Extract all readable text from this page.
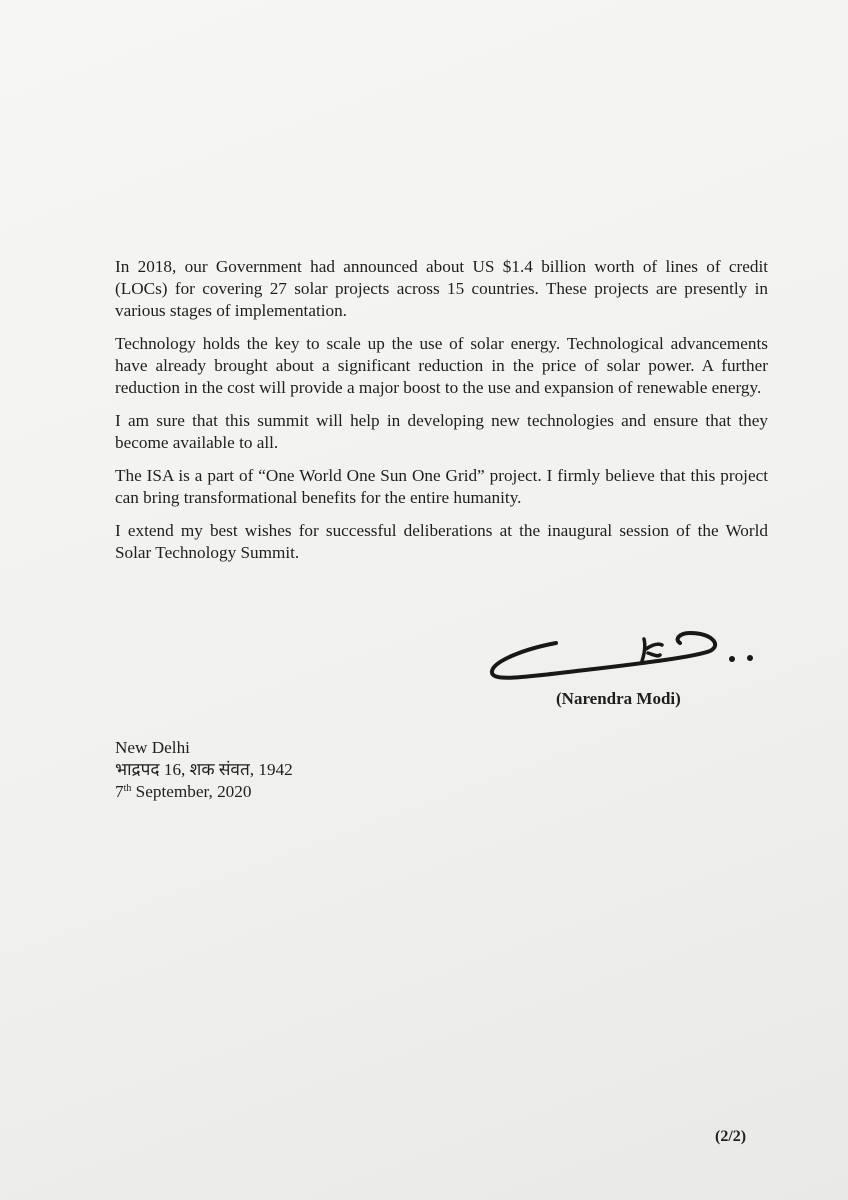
In 2018, our Government had announced about US $1.4 billion worth of lines of credit (LOCs) for covering 27 solar projects across 15 countries. These projects are presently in various stages of implementation.

Technology holds the key to scale up the use of solar energy. Technological advancements have already brought about a significant reduction in the price of solar power. A further reduction in the cost will provide a major boost to the use and expansion of renewable energy.

I am sure that this summit will help in developing new technologies and ensure that they become available to all.

The ISA is a part of “One World One Sun One Grid” project. I firmly believe that this project can bring transformational benefits for the entire humanity.

I extend my best wishes for successful deliberations at the inaugural session of the World Solar Technology Summit.

(Narendra Modi)
New Delhi
भाद्रपद 16, शक संवत, 1942
7th September, 2020
(2/2)
